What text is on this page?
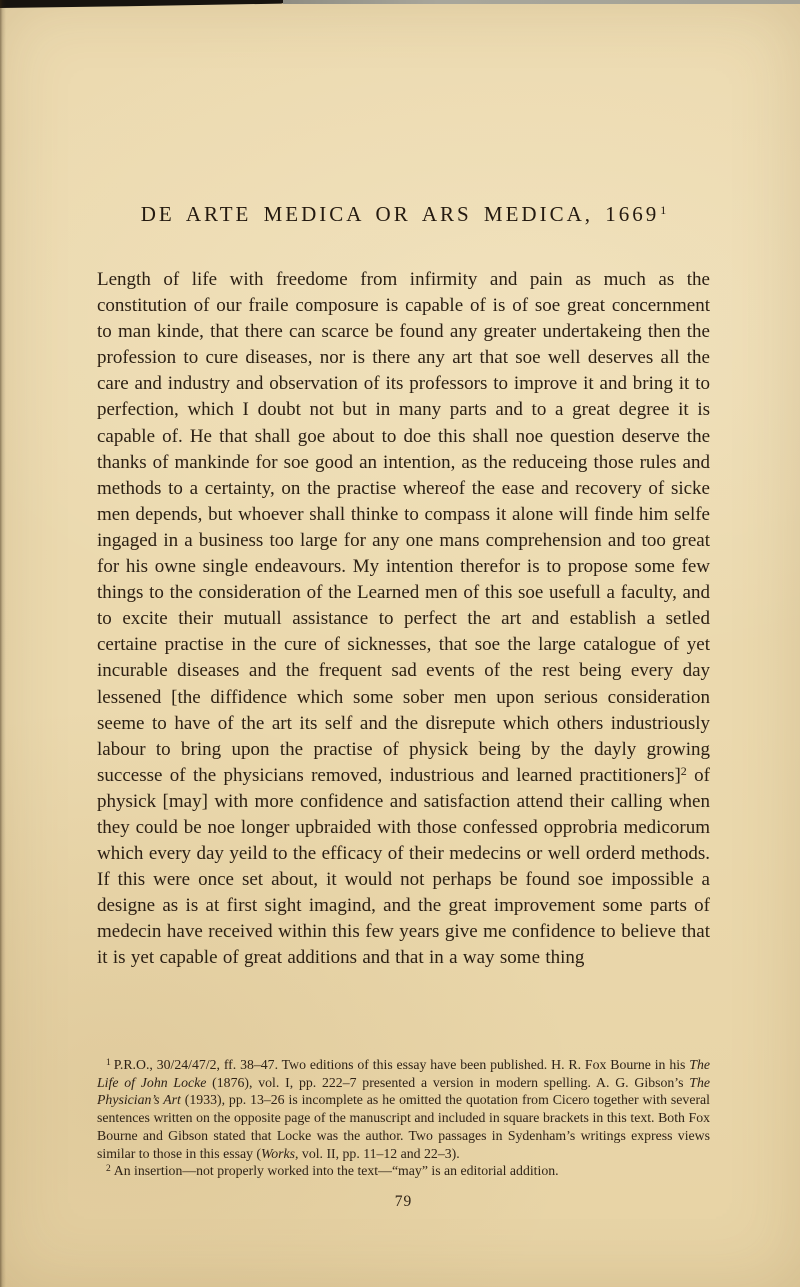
DE ARTE MEDICA OR ARS MEDICA, 1669$^1$

Length of life with freedome from infirmity and pain as much as the constitution of our fraile composure is capable of is of soe great concernment to man kinde, that there can scarce be found any greater undertakeing then the profession to cure diseases, nor is there any art that soe well deserves all the care and industry and observation of its professors to improve it and bring it to perfection, which I doubt not but in many parts and to a great degree it is capable of. He that shall goe about to doe this shall noe question deserve the thanks of mankinde for soe good an intention, as the reduceing those rules and methods to a certainty, on the practise whereof the ease and recovery of sicke men depends, but whoever shall thinke to compass it alone will finde him selfe ingaged in a business too large for any one mans comprehension and too great for his owne single endeavours. My intention therefor is to propose some few things to the consideration of the Learned men of this soe usefull a faculty, and to excite their mutuall assistance to perfect the art and establish a setled certaine practise in the cure of sicknesses, that soe the large catalogue of yet incurable diseases and the frequent sad events of the rest being every day lessened [the diffidence which some sober men upon serious consideration seeme to have of the art its self and the disrepute which others industriously labour to bring upon the practise of physick being by the dayly growing successe of the physicians removed, industrious and learned practitioners]$^2$ of physick [may] with more confidence and satisfaction attend their calling when they could be noe longer upbraided with those confessed opprobria medicorum which every day yeild to the efficacy of their medecins or well orderd methods. If this were once set about, it would not perhaps be found soe impossible a designe as is at first sight imagind, and the great improvement some parts of medecin have received within this few years give me confidence to believe that it is yet capable of great additions and that in a way some thing

$^1$ P.R.O., 30/24/47/2, ff. 38–47. Two editions of this essay have been published. H. R. Fox Bourne in his The Life of John Locke (1876), vol. I, pp. 222–7 presented a version in modern spelling. A. G. Gibson’s The Physician’s Art (1933), pp. 13–26 is incomplete as he omitted the quotation from Cicero together with several sentences written on the opposite page of the manuscript and included in square brackets in this text. Both Fox Bourne and Gibson stated that Locke was the author. Two passages in Sydenham’s writings express views similar to those in this essay (Works, vol. II, pp. 11–12 and 22–3).

$^2$ An insertion—not properly worked into the text—“may” is an editorial addition.

79
